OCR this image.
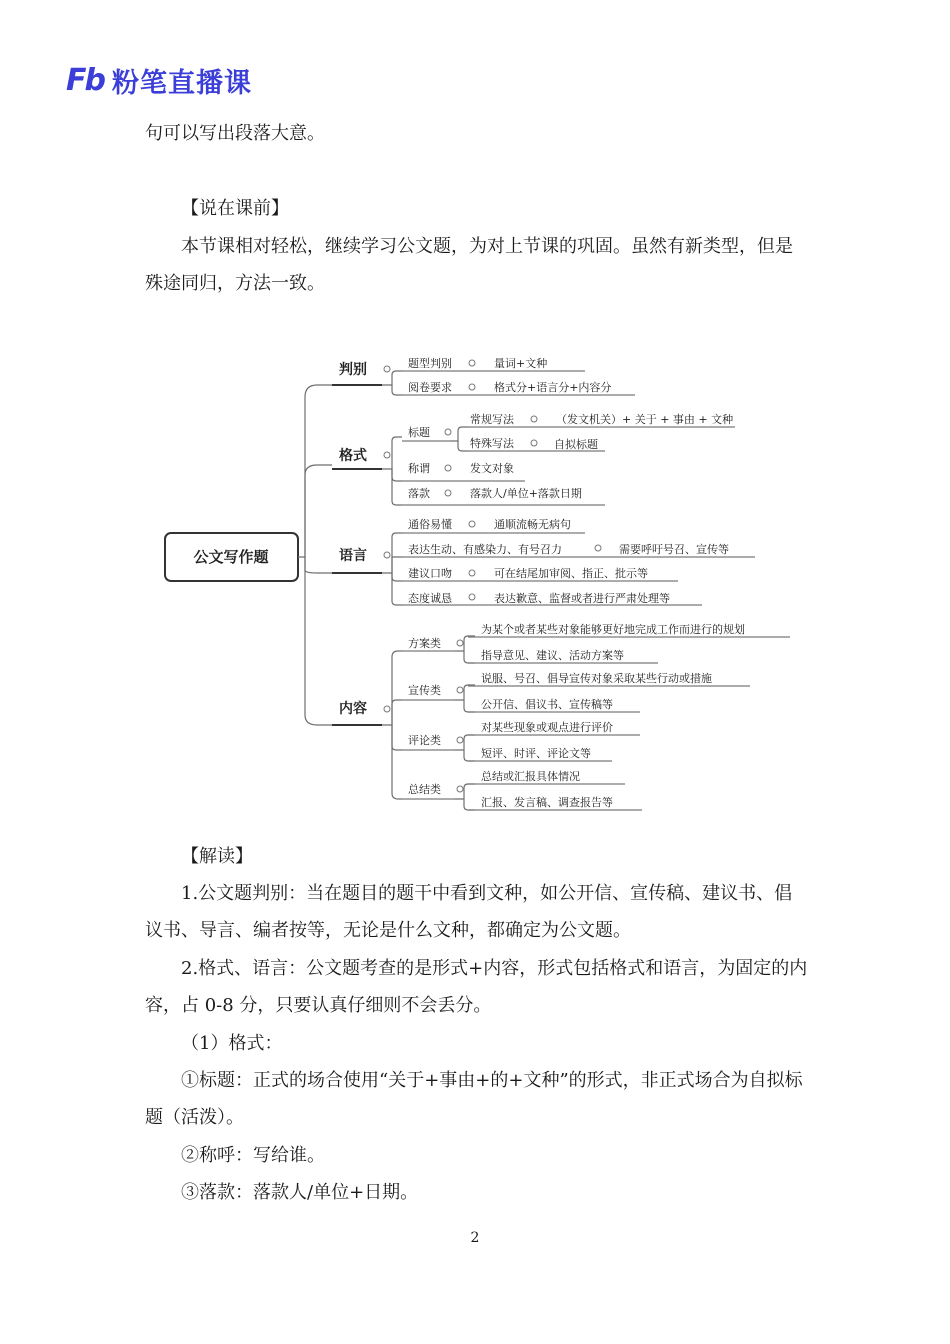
Fb 粉笔直播课

句可以写出段落大意。

【说在课前】

本节课相对轻松，继续学习公文题，为对上节课的巩固。虽然有新类型，但是殊途同归，方法一致。

公文写作题
判别
格式
语言
内容
题型判别	量词+文种
阅卷要求	格式分+语言分+内容分
标题
常规写法	（发文机关）+ 关于 + 事由 + 文种
特殊写法	自拟标题
称谓	发文对象
落款	落款人/单位+落款日期
通俗易懂	通顺流畅无病句
表达生动、有感染力、有号召力	需要呼吁号召、宣传等
建议口吻	可在结尾加审阅、指正、批示等
态度诚恳	表达歉意、监督或者进行严肃处理等
方案类
为某个或者某些对象能够更好地完成工作而进行的规划
指导意见、建议、活动方案等
宣传类
说服、号召、倡导宣传对象采取某些行动或措施
公开信、倡议书、宣传稿等
评论类
对某些现象或观点进行评价
短评、时评、评论文等
总结类
总结或汇报具体情况
汇报、发言稿、调查报告等

【解读】

1.公文题判别：当在题目的题干中看到文种，如公开信、宣传稿、建议书、倡议书、导言、编者按等，无论是什么文种，都确定为公文题。

2.格式、语言：公文题考查的是形式+内容，形式包括格式和语言，为固定的内容，占 0-8 分，只要认真仔细则不会丢分。

（1）格式：

①标题：正式的场合使用“关于+事由+的+文种”的形式，非正式场合为自拟标题（活泼）。

②称呼：写给谁。

③落款：落款人/单位+日期。

2
